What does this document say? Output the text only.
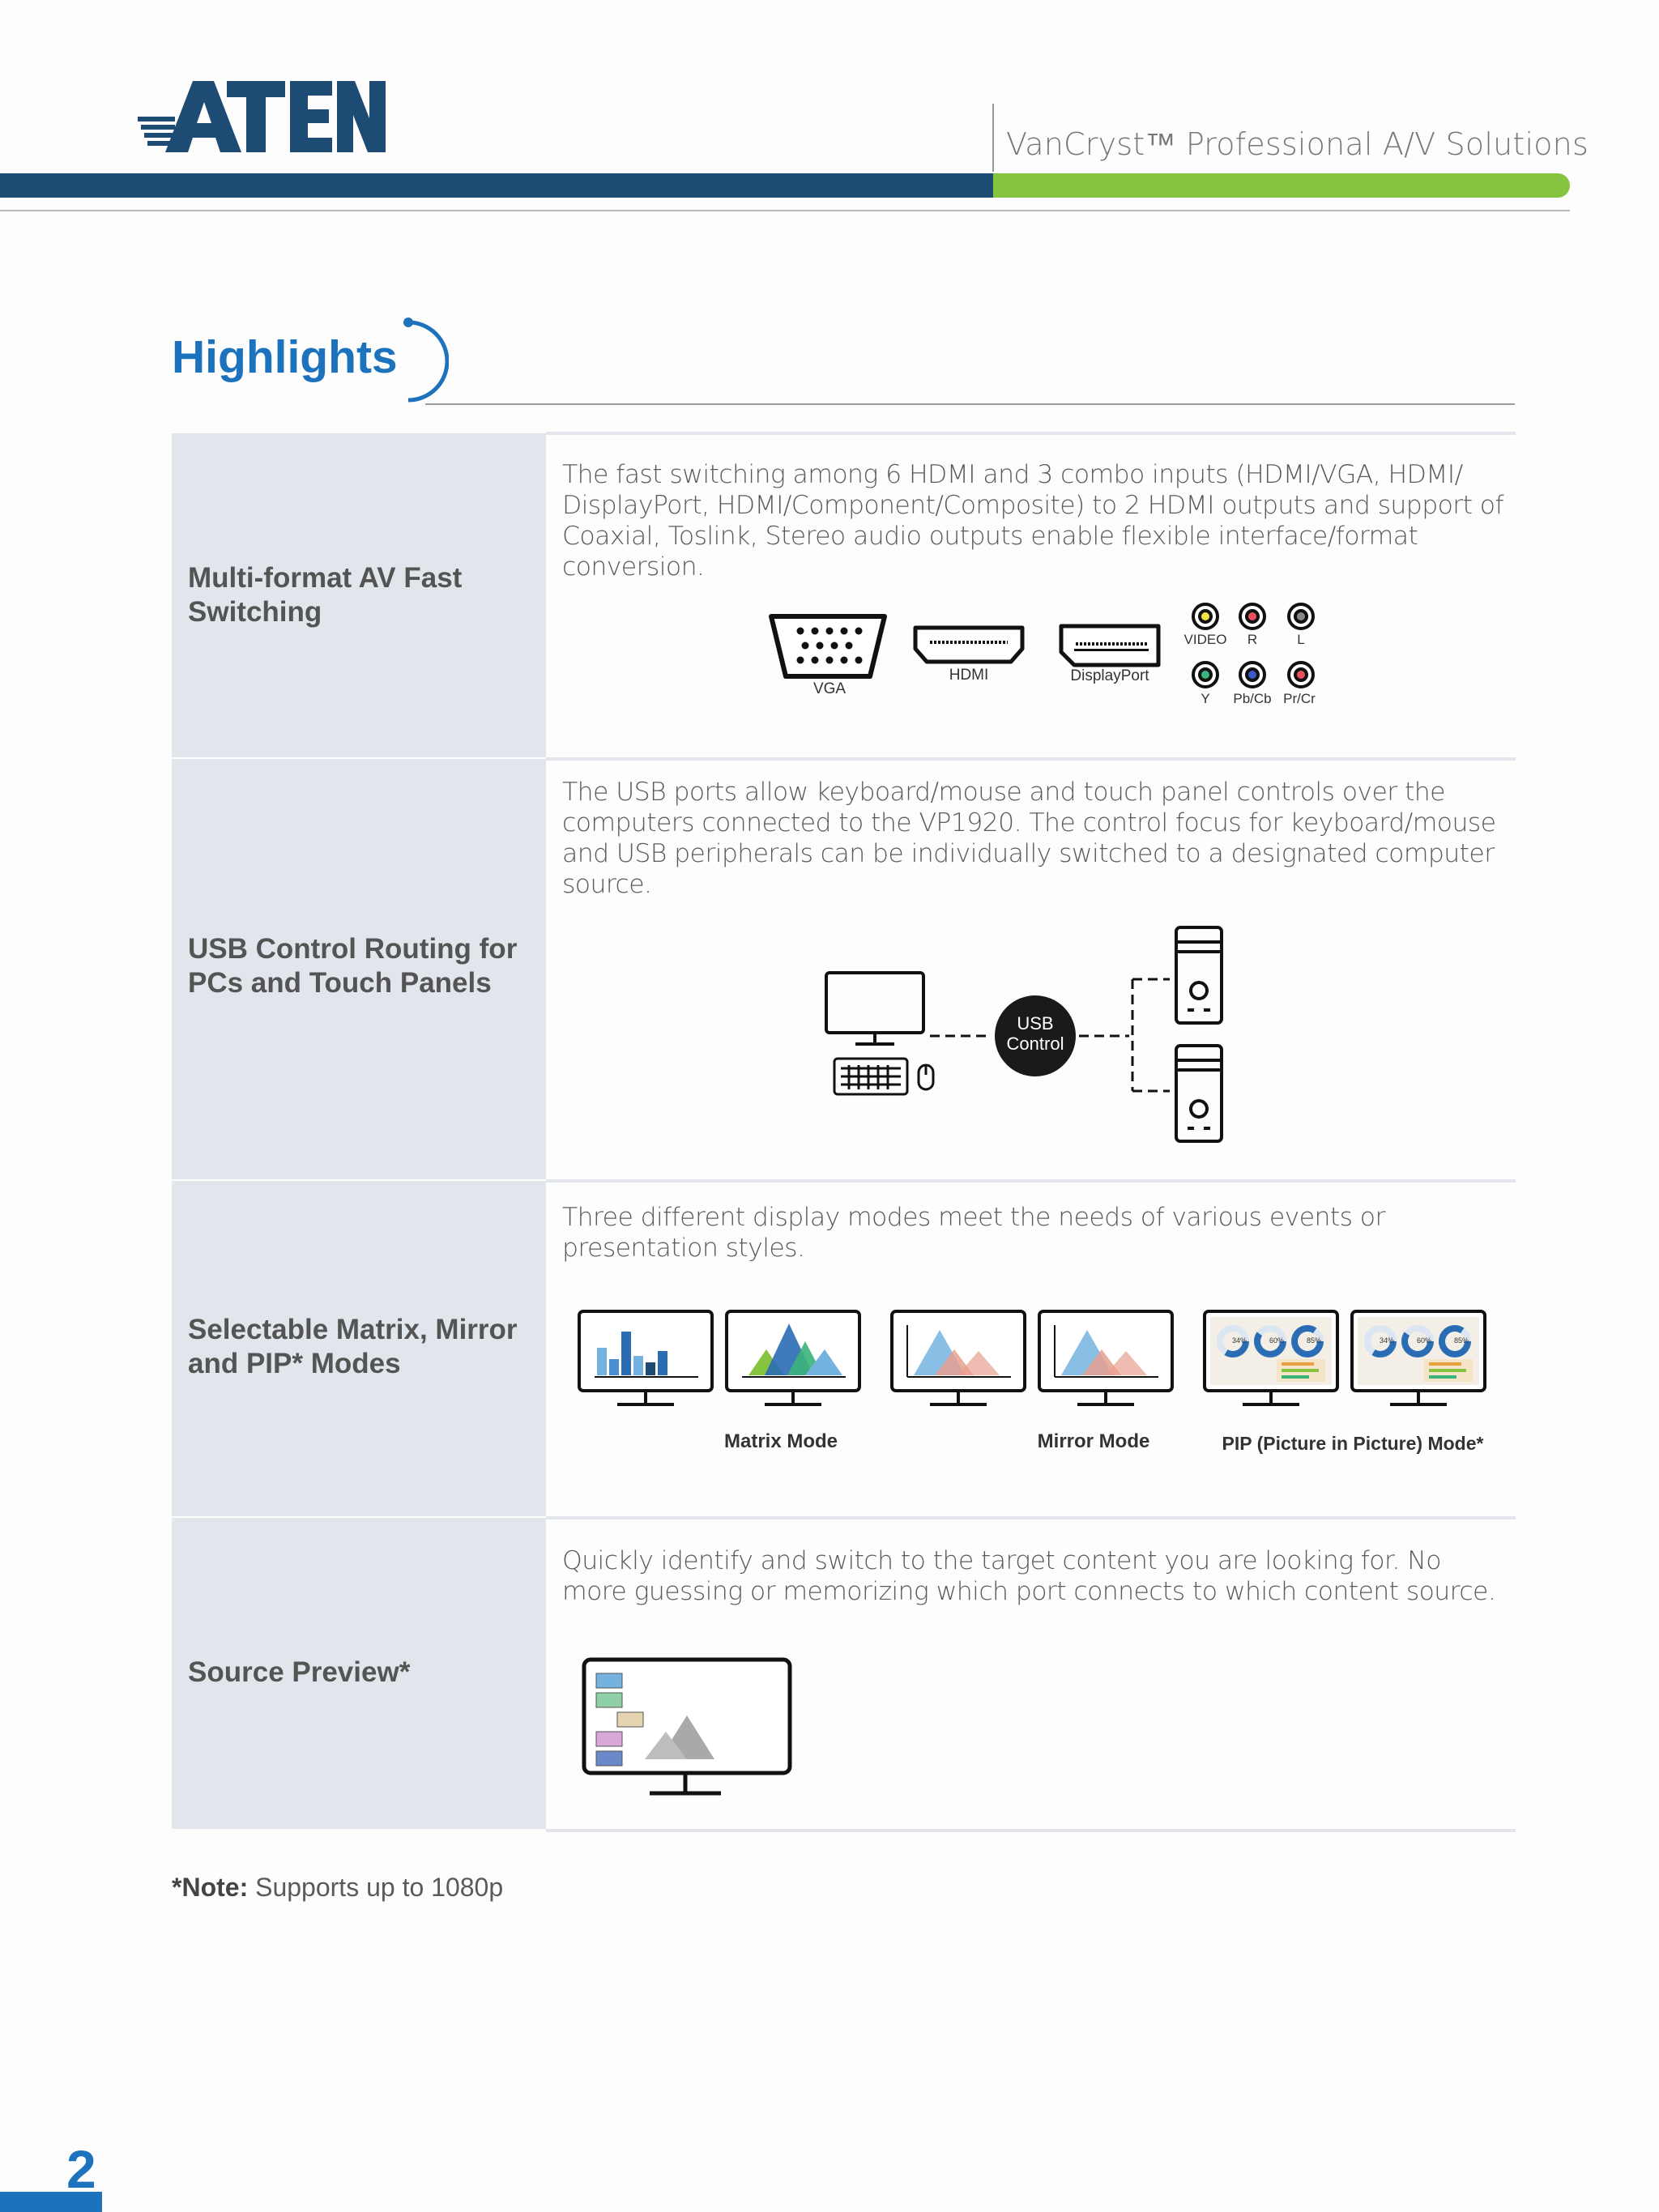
ATEN
VanCryst™ Professional A/V Solutions
Highlights
Multi-format AV Fast Switching
The fast switching among 6 HDMI and 3 combo inputs (HDMI/VGA, HDMI/ DisplayPort, HDMI/Component/Composite) to 2 HDMI outputs and support of Coaxial, Toslink, Stereo audio outputs enable flexible interface/format conversion.
VGA
HDMI	DisplayPort
VIDEO	R	L
Y	Pb/Cb Pr/Cr
USB Control Routing for PCs and Touch Panels
The USB ports allow keyboard/mouse and touch panel controls over the computers connected to the VP1920. The control focus for keyboard/mouse and USB peripherals can be individually switched to a designated computer source.
USB
Control
Selectable Matrix, Mirror and PIP* Modes
Three different display modes meet the needs of various events or presentation styles.
34%	60%	85%	34%	60%	85%
Matrix Mode	Mirror Mode	PIP (Picture in Picture) Mode*
Source Preview*
Quickly identify and switch to the target content you are looking for. No more guessing or memorizing which port connects to which content source.
*Note: Supports up to 1080p
2
